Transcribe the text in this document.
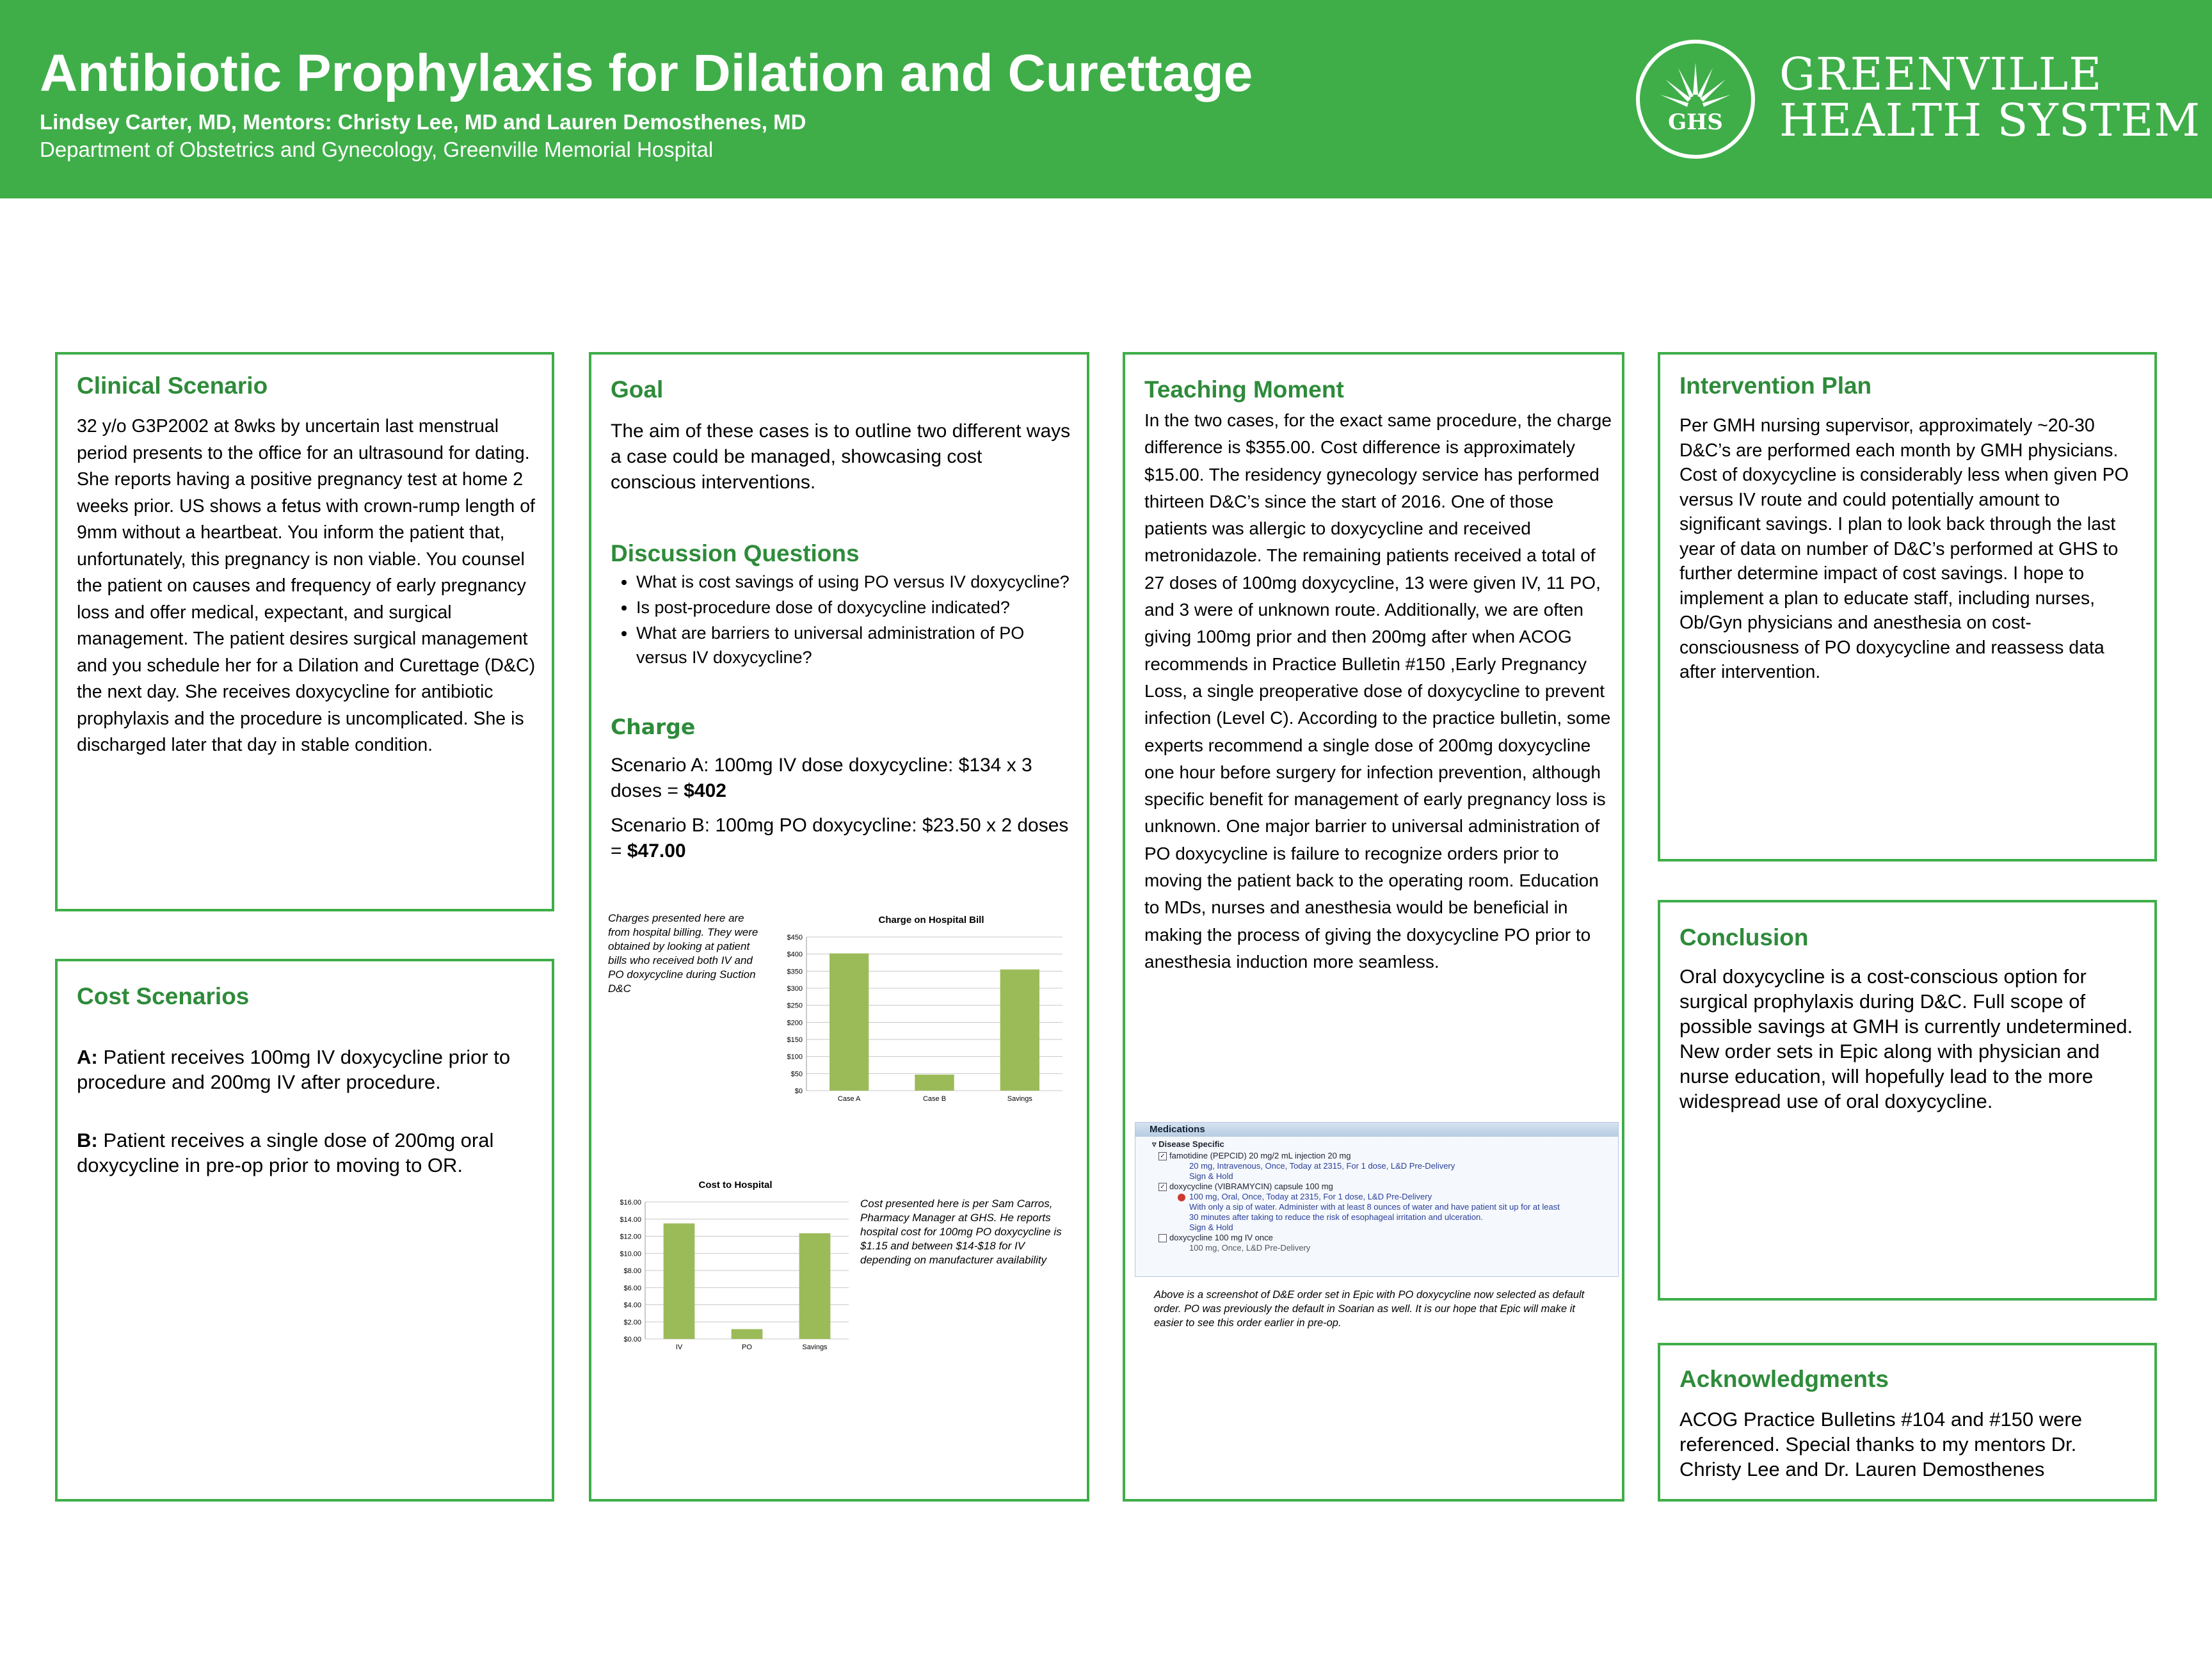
Antibiotic Prophylaxis for Dilation and Curettage
Lindsey Carter, MD, Mentors: Christy Lee, MD and Lauren Demosthenes, MD
Department of Obstetrics and Gynecology, Greenville Memorial Hospital
GHS
GREENVILLE
HEALTH SYSTEM
Clinical Scenario
32 y/o G3P2002 at 8wks by uncertain last menstrual period presents to the office for an ultrasound for dating. She reports having a positive pregnancy test at home 2 weeks prior. US shows a fetus with crown-rump length of 9mm without a heartbeat. You inform the patient that, unfortunately, this pregnancy is non viable. You counsel the patient on causes and frequency of early pregnancy loss and offer medical, expectant, and surgical management. The patient desires surgical management and you schedule her for a Dilation and Curettage (D&C) the next day. She receives doxycycline for antibiotic prophylaxis and the procedure is uncomplicated. She is discharged later that day in stable condition.
Cost Scenarios
A: Patient receives 100mg IV doxycycline prior to procedure and 200mg IV after procedure.
B: Patient receives a single dose of 200mg oral doxycycline in pre-op prior to moving to OR.
Goal
The aim of these cases is to outline two different ways a case could be managed, showcasing cost conscious interventions.
Discussion Questions
• What is cost savings of using PO versus IV doxycycline?
• Is post-procedure dose of doxycycline indicated?
• What are barriers to universal administration of PO versus IV doxycycline?
Charge
Scenario A: 100mg IV dose doxycycline: $134 x 3 doses = $402
Scenario B: 100mg PO doxycycline: $23.50 x 2 doses = $47.00
Charges presented here are from hospital billing. They were obtained by looking at patient bills who received both IV and PO doxycycline during Suction D&C
Charge on Hospital Bill
$0
$50
$100
$150
$200
$250
$300
$350
$400
$450
Case A	Case B	Savings
Cost to Hospital
$0.00
$2.00
$4.00
$6.00
$8.00
$10.00
$12.00
$14.00
$16.00
IV	PO	Savings
Cost presented here is per Sam Carros, Pharmacy Manager at GHS. He reports hospital cost for 100mg PO doxycycline is $1.15 and between $14-$18 for IV depending on manufacturer availability
Teaching Moment
In the two cases, for the exact same procedure, the charge difference is $355.00. Cost difference is approximately $15.00. The residency gynecology service has performed thirteen D&C’s since the start of 2016. One of those patients was allergic to doxycycline and received metronidazole. The remaining patients received a total of 27 doses of 100mg doxycycline, 13 were given IV, 11 PO, and 3 were of unknown route. Additionally, we are often giving 100mg prior and then 200mg after when ACOG recommends in Practice Bulletin #150 ,Early Pregnancy Loss, a single preoperative dose of doxycycline to prevent infection (Level C). According to the practice bulletin, some experts recommend a single dose of 200mg doxycycline one hour before surgery for infection prevention, although specific benefit for management of early pregnancy loss is unknown. One major barrier to universal administration of PO doxycycline is failure to recognize orders prior to moving the patient back to the operating room. Education to MDs, nurses and anesthesia would be beneficial in making the process of giving the doxycycline PO prior to anesthesia induction more seamless.
Above is a screenshot of D&E order set in Epic with PO doxycycline now selected as default order. PO was previously the default in Soarian as well. It is our hope that Epic will make it easier to see this order earlier in pre-op.
Medications
▿ Disease Specific
✓ famotidine (PEPCID) 20 mg/2 mL injection 20 mg
20 mg, Intravenous, Once, Today at 2315, For 1 dose, L&D Pre-Delivery
Sign & Hold
✓ doxycycline (VIBRAMYCIN) capsule 100 mg
100 mg, Oral, Once, Today at 2315, For 1 dose, L&D Pre-Delivery
With only a sip of water. Administer with at least 8 ounces of water and have patient sit up for at least
30 minutes after taking to reduce the risk of esophageal irritation and ulceration.
Sign & Hold
doxycycline 100 mg IV once
100 mg, Once, L&D Pre-Delivery
Intervention Plan
Per GMH nursing supervisor, approximately ~20-30 D&C’s are performed each month by GMH physicians. Cost of doxycycline is considerably less when given PO versus IV route and could potentially amount to significant savings. I plan to look back through the last year of data on number of D&C’s performed at GHS to further determine impact of cost savings. I hope to implement a plan to educate staff, including nurses, Ob/Gyn physicians and anesthesia on cost-consciousness of PO doxycycline and reassess data after intervention.
Conclusion
Oral doxycycline is a cost-conscious option for surgical prophylaxis during D&C. Full scope of possible savings at GMH is currently undetermined. New order sets in Epic along with physician and nurse education, will hopefully lead to the more widespread use of oral doxycycline.
Acknowledgments
ACOG Practice Bulletins #104 and #150 were referenced. Special thanks to my mentors Dr. Christy Lee and Dr. Lauren Demosthenes
